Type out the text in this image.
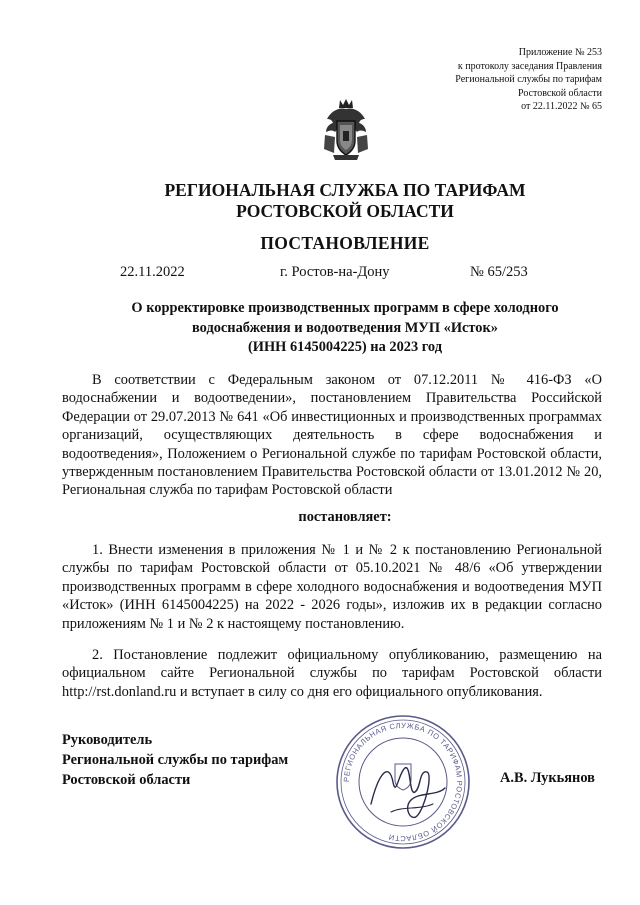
Приложение № 253
к протоколу заседания Правления
Региональной службы по тарифам
Ростовской области
от 22.11.2022 № 65
РЕГИОНАЛЬНАЯ СЛУЖБА ПО ТАРИФАМ
РОСТОВСКОЙ ОБЛАСТИ
ПОСТАНОВЛЕНИЕ
22.11.2022	г. Ростов-на-Дону	№ 65/253
О корректировке производственных программ в сфере холодного
водоснабжения и водоотведения МУП «Исток»
(ИНН 6145004225) на 2023 год

В соответствии с Федеральным законом от 07.12.2011 № 416-ФЗ «О водоснабжении и водоотведении», постановлением Правительства Российской Федерации от 29.07.2013 № 641 «Об инвестиционных и производственных программах организаций, осуществляющих деятельность в сфере водоснабжения и водоотведения», Положением о Региональной службе по тарифам Ростовской области, утвержденным постановлением Правительства Ростовской области от 13.01.2012 № 20, Региональная служба по тарифам Ростовской области

постановляет:

1. Внести изменения в приложения № 1 и № 2 к постановлению Региональной службы по тарифам Ростовской области от 05.10.2021 № 48/6 «Об утверждении производственных программ в сфере холодного водоснабжения и водоотведения МУП «Исток» (ИНН 6145004225) на 2022 - 2026 годы», изложив их в редакции согласно приложениям № 1 и № 2 к настоящему постановлению.

2. Постановление подлежит официальному опубликованию, размещению на официальном сайте Региональной службы по тарифам Ростовской области http://rst.donland.ru и вступает в силу со дня его официального опубликования.

Руководитель
Региональной службы по тарифам
Ростовской области	РЕГИОНАЛЬНАЯ СЛУЖБА ПО ТАРИФАМ РОСТОВСКОЙ ОБЛАСТИ
А.В. Лукьянов
